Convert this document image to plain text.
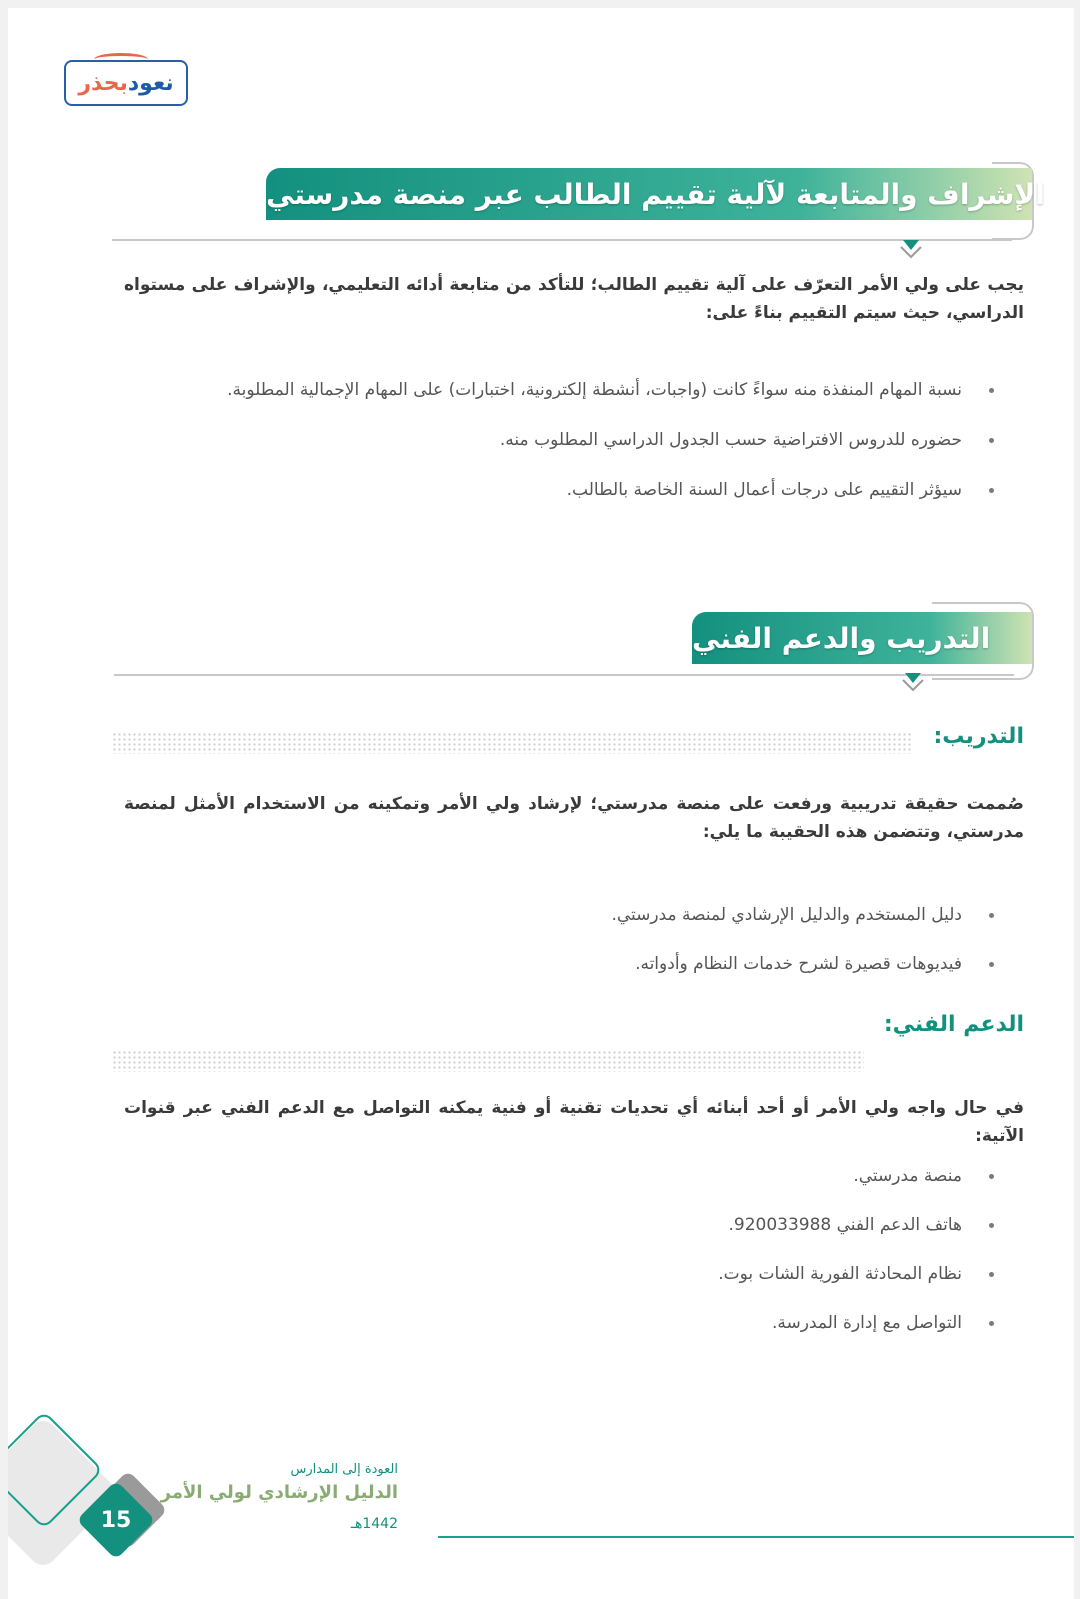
نعود
بحذر
الإشراف والمتابعة لآلية تقييم الطالب عبر منصة مدرستي
يجب على ولي الأمر التعرّف على آلية تقييم الطالب؛ للتأكد من متابعة أدائه التعليمي، والإشراف على مستواه الدراسي، حيث سيتم التقييم بناءً على:
نسبة المهام المنفذة منه سواءً كانت (واجبات، أنشطة إلكترونية، اختبارات) على المهام الإجمالية المطلوبة.
حضوره للدروس الافتراضية حسب الجدول الدراسي المطلوب منه.
سيؤثر التقييم على درجات أعمال السنة الخاصة بالطالب.
التدريب والدعم الفني
التدريب:
صُممت حقيقة تدريبية ورفعت على منصة مدرستي؛ لإرشاد ولي الأمر وتمكينه من الاستخدام الأمثل لمنصة مدرستي، وتتضمن هذه الحقيبة ما يلي:
دليل المستخدم والدليل الإرشادي لمنصة مدرستي.
فيديوهات قصيرة لشرح خدمات النظام وأدواته.
الدعم الفني:
في حال واجه ولي الأمر أو أحد أبنائه أي تحديات تقنية أو فنية يمكنه التواصل مع الدعم الفني عبر قنوات الآتية:
منصة مدرستي.
هاتف الدعم الفني 920033988.
نظام المحادثة الفورية الشات بوت.
التواصل مع إدارة المدرسة.
15
العودة إلى المدارس
الدليل الإرشادي لولي الأمر
1442هـ
